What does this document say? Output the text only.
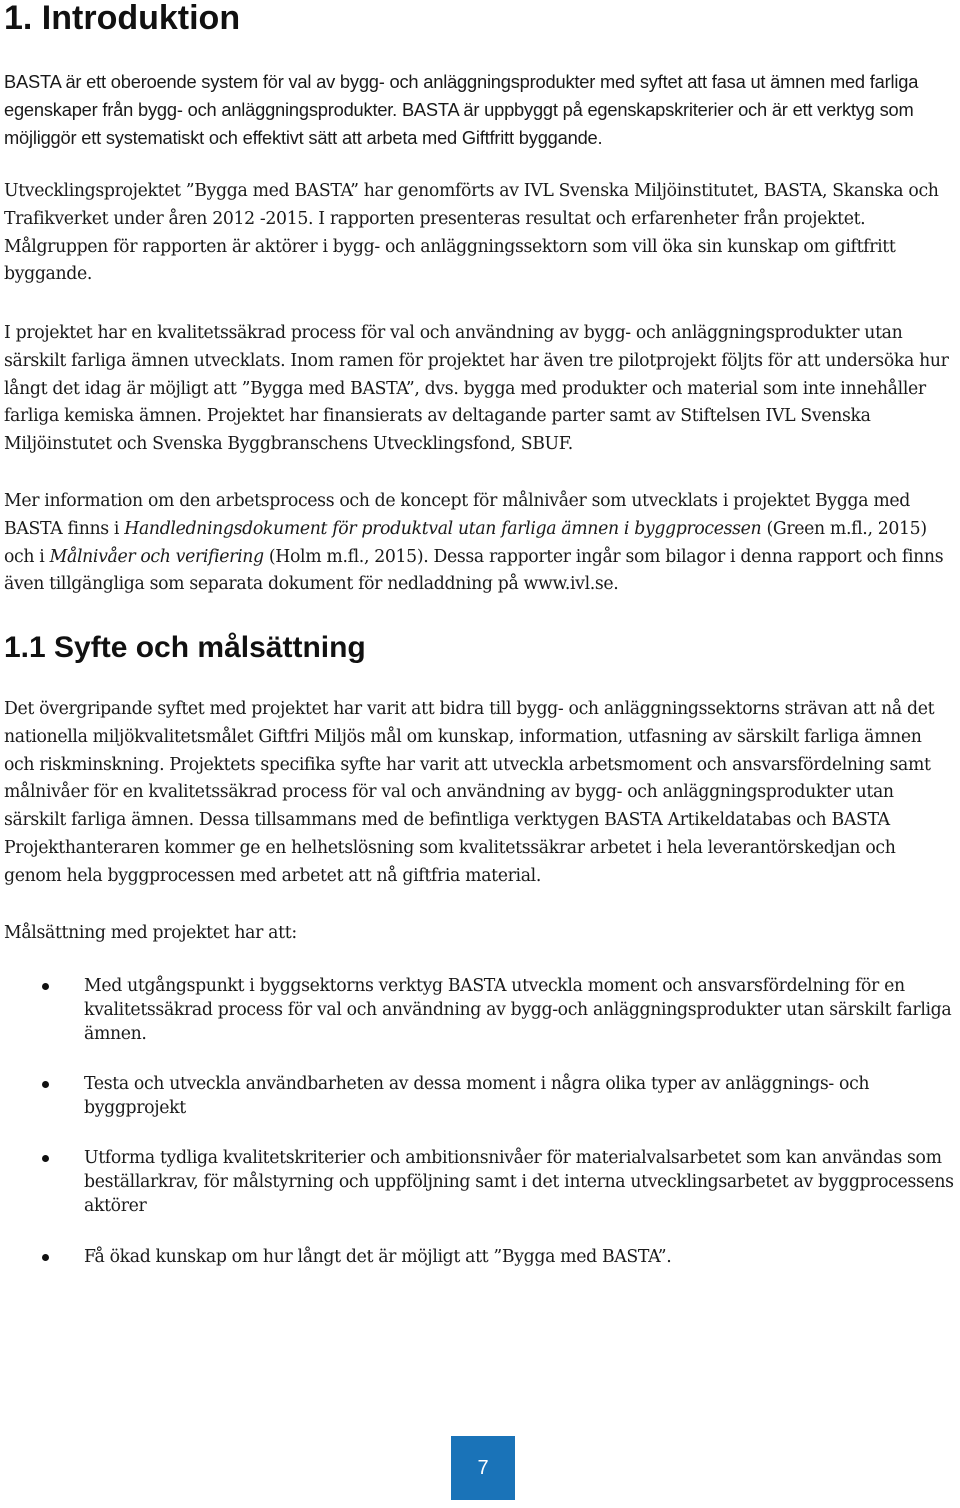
1. Introduktion

BASTA är ett oberoende system för val av bygg- och anläggningsprodukter med syftet att fasa ut ämnen med farliga egenskaper från bygg- och anläggningsprodukter. BASTA är uppbyggt på egenskapskriterier och är ett verktyg som möjliggör ett systematiskt och effektivt sätt att arbeta med Giftfritt byggande.

Utvecklingsprojektet ”Bygga med BASTA” har genomförts av IVL Svenska Miljöinstitutet, BASTA, Skanska och Trafikverket under åren 2012 -2015. I rapporten presenteras resultat och erfarenheter från projektet. Målgruppen för rapporten är aktörer i bygg- och anläggningssektorn som vill öka sin kunskap om giftfritt byggande.

I projektet har en kvalitetssäkrad process för val och användning av bygg- och anläggningsprodukter utan särskilt farliga ämnen utvecklats. Inom ramen för projektet har även tre pilotprojekt följts för att undersöka hur långt det idag är möjligt att ”Bygga med BASTA”, dvs. bygga med produkter och material som inte innehåller farliga kemiska ämnen. Projektet har finansierats av deltagande parter samt av Stiftelsen IVL Svenska Miljöinstutet och Svenska Byggbranschens Utvecklingsfond, SBUF.

Mer information om den arbetsprocess och de koncept för målnivåer som utvecklats i projektet Bygga med BASTA finns i Handledningsdokument för produktval utan farliga ämnen i byggprocessen (Green m.fl., 2015) och i Målnivåer och verifiering (Holm m.fl., 2015). Dessa rapporter ingår som bilagor i denna rapport och finns även tillgängliga som separata dokument för nedladdning på www.ivl.se.

1.1 Syfte och målsättning

Det övergripande syftet med projektet har varit att bidra till bygg- och anläggningssektorns strävan att nå det nationella miljökvalitetsmålet Giftfri Miljös mål om kunskap, information, utfasning av särskilt farliga ämnen och riskminskning. Projektets specifika syfte har varit att utveckla arbetsmoment och ansvarsfördelning samt målnivåer för en kvalitetssäkrad process för val och användning av bygg- och anläggningsprodukter utan särskilt farliga ämnen. Dessa tillsammans med de befintliga verktygen BASTA Artikeldatabas och BASTA Projekthanteraren kommer ge en helhetslösning som kvalitetssäkrar arbetet i hela leverantörskedjan och genom hela byggprocessen med arbetet att nå giftfria material.

Målsättning med projektet har att:

Med utgångspunkt i byggsektorns verktyg BASTA utveckla moment och ansvarsfördelning för en kvalitetssäkrad process för val och användning av bygg-och anläggningsprodukter utan särskilt farliga ämnen.
Testa och utveckla användbarheten av dessa moment i några olika typer av anläggnings- och byggprojekt
Utforma tydliga kvalitetskriterier och ambitionsnivåer för materialvalsarbetet som kan användas som beställarkrav, för målstyrning och uppföljning samt i det interna utvecklingsarbetet av byggprocessens aktörer
Få ökad kunskap om hur långt det är möjligt att ”Bygga med BASTA”.
7
